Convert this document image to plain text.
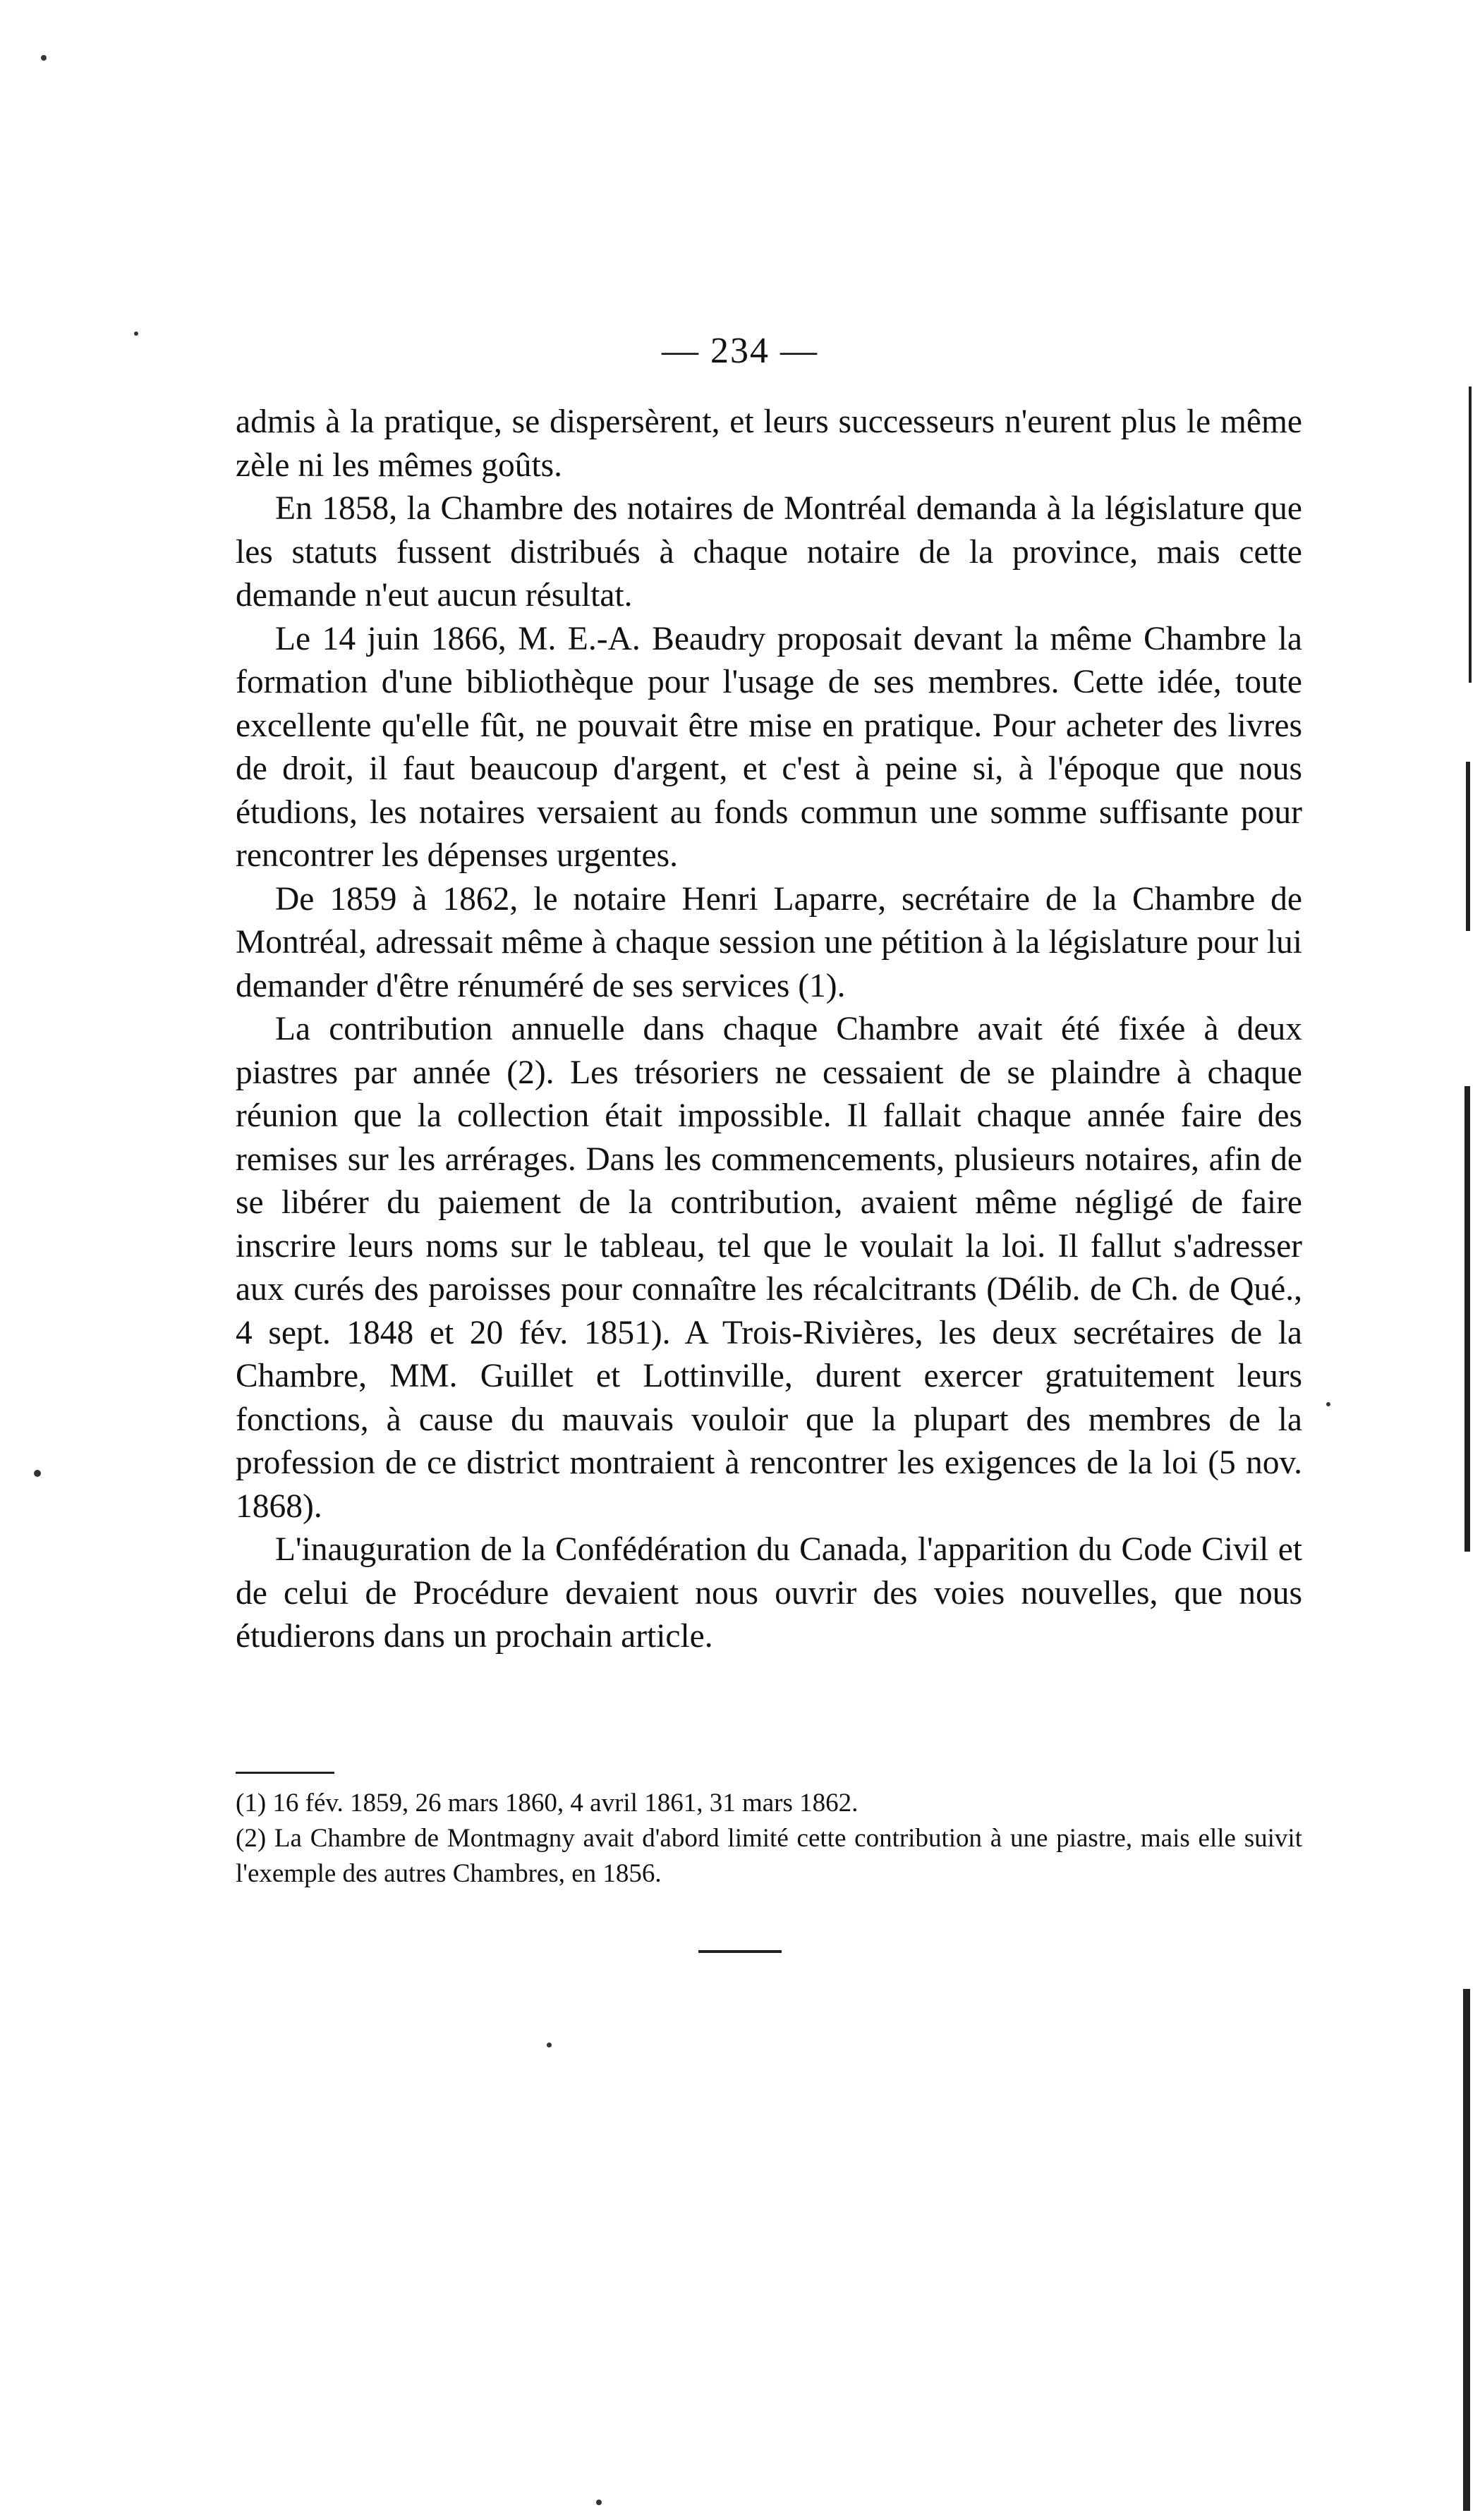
— 234 —

admis à la pratique, se dispersèrent, et leurs successeurs n'eurent plus le même zèle ni les mêmes goûts.

En 1858, la Chambre des notaires de Montréal demanda à la législature que les statuts fussent distribués à chaque notaire de la province, mais cette demande n'eut aucun résultat.

Le 14 juin 1866, M. E.-A. Beaudry proposait devant la même Chambre la formation d'une bibliothèque pour l'usage de ses membres. Cette idée, toute excellente qu'elle fût, ne pouvait être mise en pratique. Pour acheter des livres de droit, il faut beaucoup d'argent, et c'est à peine si, à l'époque que nous étudions, les notaires versaient au fonds commun une somme suffisante pour rencontrer les dépenses urgentes.

De 1859 à 1862, le notaire Henri Laparre, secrétaire de la Chambre de Montréal, adressait même à chaque session une pétition à la législature pour lui demander d'être rénuméré de ses services (1).

La contribution annuelle dans chaque Chambre avait été fixée à deux piastres par année (2). Les trésoriers ne cessaient de se plaindre à chaque réunion que la collection était impossible. Il fallait chaque année faire des remises sur les arrérages. Dans les commencements, plusieurs notaires, afin de se libérer du paiement de la contribution, avaient même négligé de faire inscrire leurs noms sur le tableau, tel que le voulait la loi. Il fallut s'adresser aux curés des paroisses pour connaître les récalcitrants (Délib. de Ch. de Qué., 4 sept. 1848 et 20 fév. 1851). A Trois-Rivières, les deux secrétaires de la Chambre, MM. Guillet et Lottinville, durent exercer gratuitement leurs fonctions, à cause du mauvais vouloir que la plupart des membres de la profession de ce district montraient à rencontrer les exigences de la loi (5 nov. 1868).

L'inauguration de la Confédération du Canada, l'apparition du Code Civil et de celui de Procédure devaient nous ouvrir des voies nouvelles, que nous étudierons dans un prochain article.

(1) 16 fév. 1859, 26 mars 1860, 4 avril 1861, 31 mars 1862.

(2) La Chambre de Montmagny avait d'abord limité cette contribution à une piastre, mais elle suivit l'exemple des autres Chambres, en 1856.
